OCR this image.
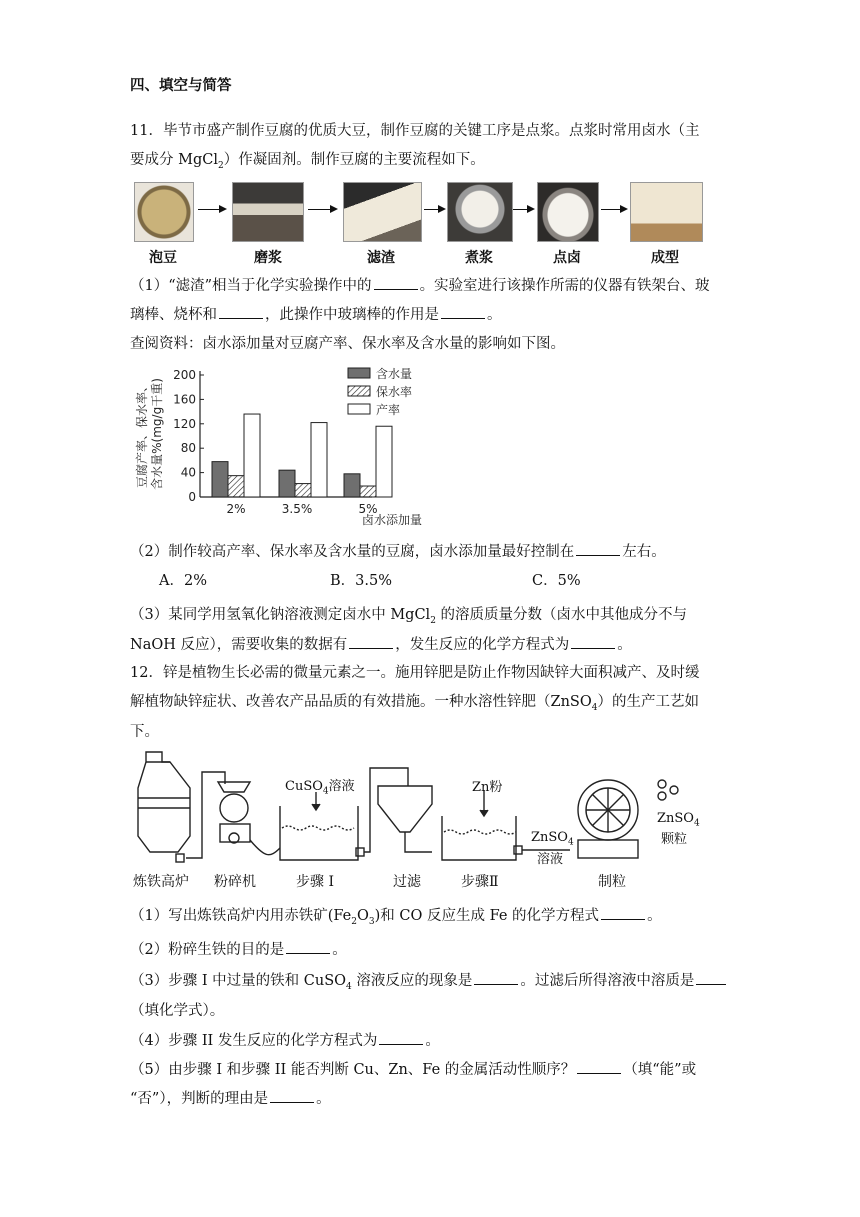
四、填空与简答
11．毕节市盛产制作豆腐的优质大豆，制作豆腐的关键工序是点浆。点浆时常用卤水（主
要成分 MgCl$_2$）作凝固剂。制作豆腐的主要流程如下。
泡豆	磨浆	滤渣	煮浆	点卤	成型
（1）“滤渣”相当于化学实验操作中的	。实验室进行该操作所需的仪器有铁架台、玻
璃棒、烧杯和	，此操作中玻璃棒的作用是	。
查阅资料：卤水添加量对豆腐产率、保水率及含水量的影响如下图。
豆腐产率、保水率、 含水量%(mg/g干重)
0
40
80
120
160
200
2%	3.5%	5%
卤水添加量
含水量
保水率
产率
（2）制作较高产率、保水率及含水量的豆腐，卤水添加量最好控制在	左右。
A．2%	B．3.5%	C．5%
（3）某同学用氢氧化钠溶液测定卤水中 MgCl$_2$ 的溶质质量分数（卤水中其他成分不与
NaOH 反应），需要收集的数据有	，发生反应的化学方程式为	。
12．锌是植物生长必需的微量元素之一。施用锌肥是防止作物因缺锌大面积减产、及时缓
解植物缺锌症状、改善农产品品质的有效措施。一种水溶性锌肥（ZnSO$_4$）的生产工艺如
下。
CuSO$_4$溶液	Zn粉
ZnSO$_4$
溶液
ZnSO$_4$
颗粒
炼铁高炉 粉碎机	步骤 I	过滤	步骤Ⅱ	制粒
（1）写出炼铁高炉内用赤铁矿$(Fe_2O_3)$和 CO 反应生成 Fe 的化学方程式	。
（2）粉碎生铁的目的是	。
（3）步骤 I 中过量的铁和 CuSO$_4$ 溶液反应的现象是	。过滤后所得溶液中溶质是
（填化学式）。
（4）步骤 II 发生反应的化学方程式为	。
（5）由步骤 I 和步骤 II 能否判断 Cu、Zn、Fe 的金属活动性顺序？	（填“能”或
“否”），判断的理由是	。
